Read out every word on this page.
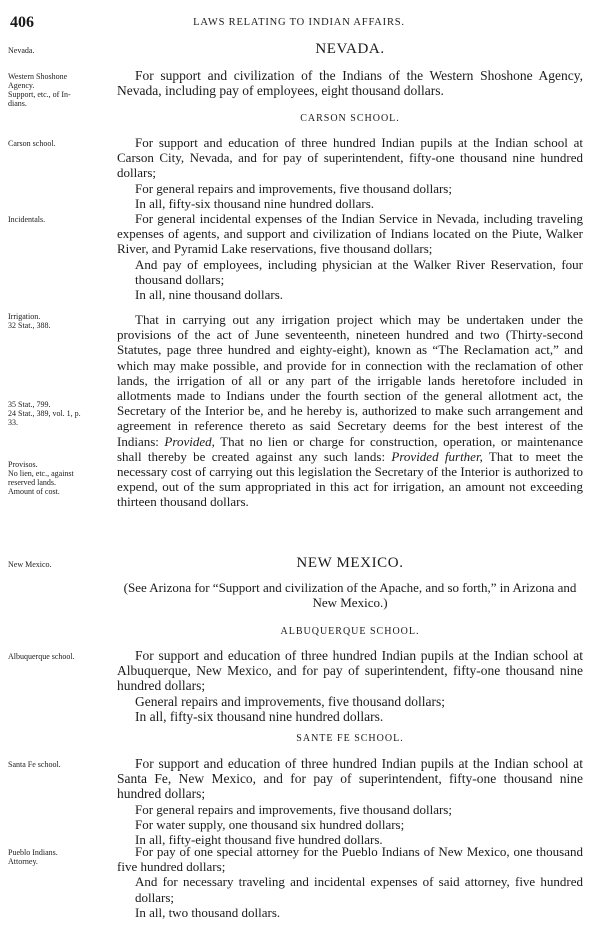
406	LAWS RELATING TO INDIAN AFFAIRS.
Nevada.	NEVADA.
Western Shoshone
Agency.
Support, etc., of In-
dians.

For support and civilization of the Indians of the Western Shoshone Agency, Nevada, including pay of employees, eight thousand dollars.

CARSON SCHOOL.
Carson school.	For support and education of three hundred Indian pupils at the Indian school at Carson City, Nevada, and for pay of superintendent, fifty-one thousand nine hundred dollars;

For general repairs and improvements, five thousand dollars;

In all, fifty-six thousand nine hundred dollars.

Incidentals.	For general incidental expenses of the Indian Service in Nevada, including traveling expenses of agents, and support and civilization of Indians located on the Piute, Walker River, and Pyramid Lake reservations, five thousand dollars;

And pay of employees, including physician at the Walker River Reservation, four thousand dollars;

In all, nine thousand dollars.

Irrigation.
32 Stat., 388.
35 Stat., 799.
24 Stat., 389, vol. 1, p.
33.
Provisos.
No lien, etc., against
reserved lands.
Amount of cost.

That in carrying out any irrigation project which may be undertaken under the provisions of the act of June seventeenth, nineteen hundred and two (Thirty-second Statutes, page three hundred and eighty-eight), known as “The Reclamation act,” and which may make possible, and provide for in connection with the reclamation of other lands, the irrigation of all or any part of the irrigable lands heretofore included in allotments made to Indians under the fourth section of the general allotment act, the Secretary of the Interior be, and he hereby is, authorized to make such arrangement and agreement in reference thereto as said Secretary deems for the best interest of the Indians: Provided, That no lien or charge for construction, operation, or maintenance shall thereby be created against any such lands: Provided further, That to meet the necessary cost of carrying out this legislation the Secretary of the Interior is authorized to expend, out of the sum appropriated in this act for irrigation, an amount not exceeding thirteen thousand dollars.

New Mexico.	NEW MEXICO.
(See Arizona for “Support and civilization of the Apache, and so forth,” in Arizona and New Mexico.)
ALBUQUERQUE SCHOOL.
Albuquerque school.	For support and education of three hundred Indian pupils at the Indian school at Albuquerque, New Mexico, and for pay of superintendent, fifty-one thousand nine hundred dollars;

General repairs and improvements, five thousand dollars;

In all, fifty-six thousand nine hundred dollars.

SANTE FE SCHOOL.
Santa Fe school.	For support and education of three hundred Indian pupils at the Indian school at Santa Fe, New Mexico, and for pay of superintendent, fifty-one thousand nine hundred dollars;

For general repairs and improvements, five thousand dollars;

For water supply, one thousand six hundred dollars;

In all, fifty-eight thousand five hundred dollars.

Pueblo Indians.
Attorney.

For pay of one special attorney for the Pueblo Indians of New Mexico, one thousand five hundred dollars;

And for necessary traveling and incidental expenses of said attorney, five hundred dollars;

In all, two thousand dollars.
